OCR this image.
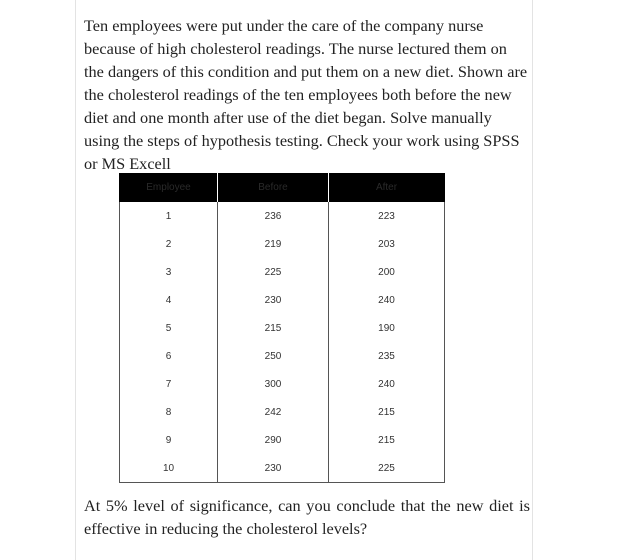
Ten employees were put under the care of the company nurse because of high cholesterol readings. The nurse lectured them on the dangers of this condition and put them on a new diet. Shown are the cholesterol readings of the ten employees both before the new diet and one month after use of the diet began. Solve manually using the steps of hypothesis testing. Check your work using SPSS or MS Excell

Employee	Before	After
1	236	223
2	219	203
3	225	200
4	230	240
5	215	190
6	250	235
7	300	240
8	242	215
9	290	215
10	230	225

At 5% level of significance, can you conclude that the new diet is effective in reducing the cholesterol levels?
